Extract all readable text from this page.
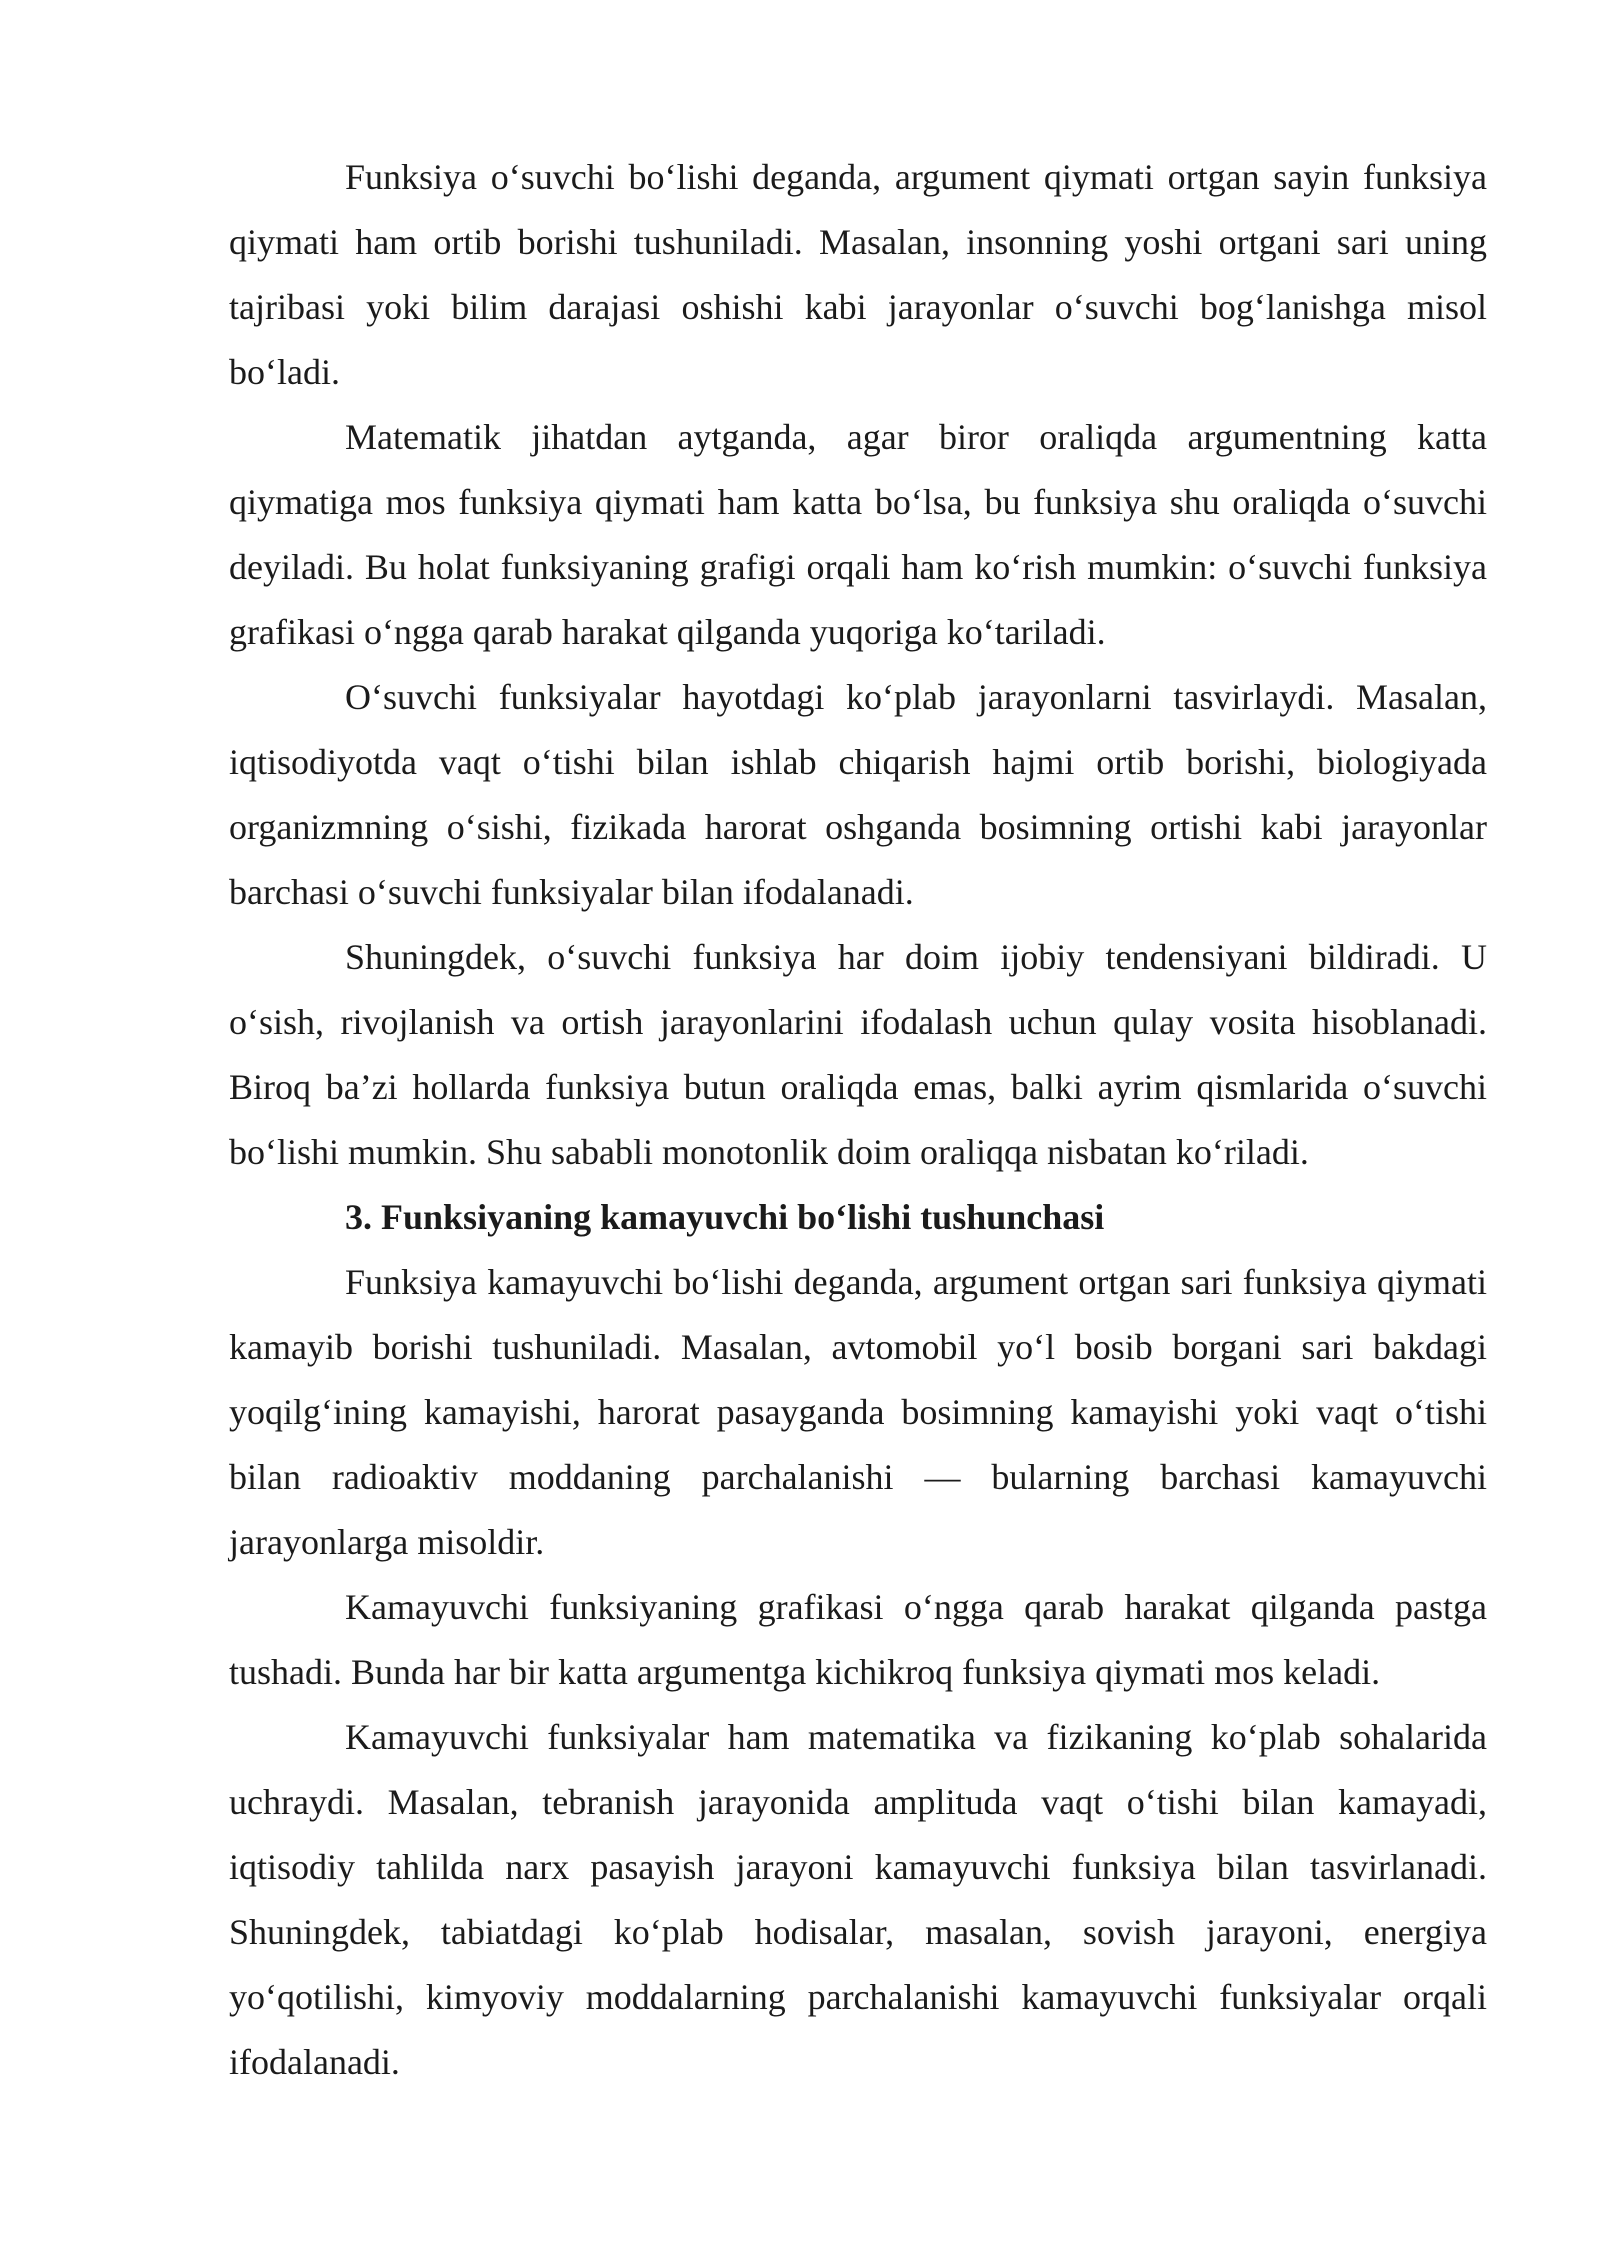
Funksiya o‘suvchi bo‘lishi deganda, argument qiymati ortgan sayin funksiya qiymati ham ortib borishi tushuniladi. Masalan, insonning yoshi ortgani sari uning tajribasi yoki bilim darajasi oshishi kabi jarayonlar o‘suvchi bog‘lanishga misol bo‘ladi.

Matematik jihatdan aytganda, agar biror oraliqda argumentning katta qiymatiga mos funksiya qiymati ham katta bo‘lsa, bu funksiya shu oraliqda o‘suvchi deyiladi. Bu holat funksiyaning grafigi orqali ham ko‘rish mumkin: o‘suvchi funksiya grafikasi o‘ngga qarab harakat qilganda yuqoriga ko‘tariladi.

O‘suvchi funksiyalar hayotdagi ko‘plab jarayonlarni tasvirlaydi. Masalan, iqtisodiyotda vaqt o‘tishi bilan ishlab chiqarish hajmi ortib borishi, biologiyada organizmning o‘sishi, fizikada harorat oshganda bosimning ortishi kabi jarayonlar barchasi o‘suvchi funksiyalar bilan ifodalanadi.

Shuningdek, o‘suvchi funksiya har doim ijobiy tendensiyani bildiradi. U o‘sish, rivojlanish va ortish jarayonlarini ifodalash uchun qulay vosita hisoblanadi. Biroq ba’zi hollarda funksiya butun oraliqda emas, balki ayrim qismlarida o‘suvchi bo‘lishi mumkin. Shu sababli monotonlik doim oraliqqa nisbatan ko‘riladi.

3. Funksiyaning kamayuvchi bo‘lishi tushunchasi

Funksiya kamayuvchi bo‘lishi deganda, argument ortgan sari funksiya qiymati kamayib borishi tushuniladi. Masalan, avtomobil yo‘l bosib borgani sari bakdagi yoqilg‘ining kamayishi, harorat pasayganda bosimning kamayishi yoki vaqt o‘tishi bilan radioaktiv moddaning parchalanishi — bularning barchasi kamayuvchi jarayonlarga misoldir.

Kamayuvchi funksiyaning grafikasi o‘ngga qarab harakat qilganda pastga tushadi. Bunda har bir katta argumentga kichikroq funksiya qiymati mos keladi.

Kamayuvchi funksiyalar ham matematika va fizikaning ko‘plab sohalarida uchraydi. Masalan, tebranish jarayonida amplituda vaqt o‘tishi bilan kamayadi, iqtisodiy tahlilda narx pasayish jarayoni kamayuvchi funksiya bilan tasvirlanadi. Shuningdek, tabiatdagi ko‘plab hodisalar, masalan, sovish jarayoni, energiya yo‘qotilishi, kimyoviy moddalarning parchalanishi kamayuvchi funksiyalar orqali ifodalanadi.
